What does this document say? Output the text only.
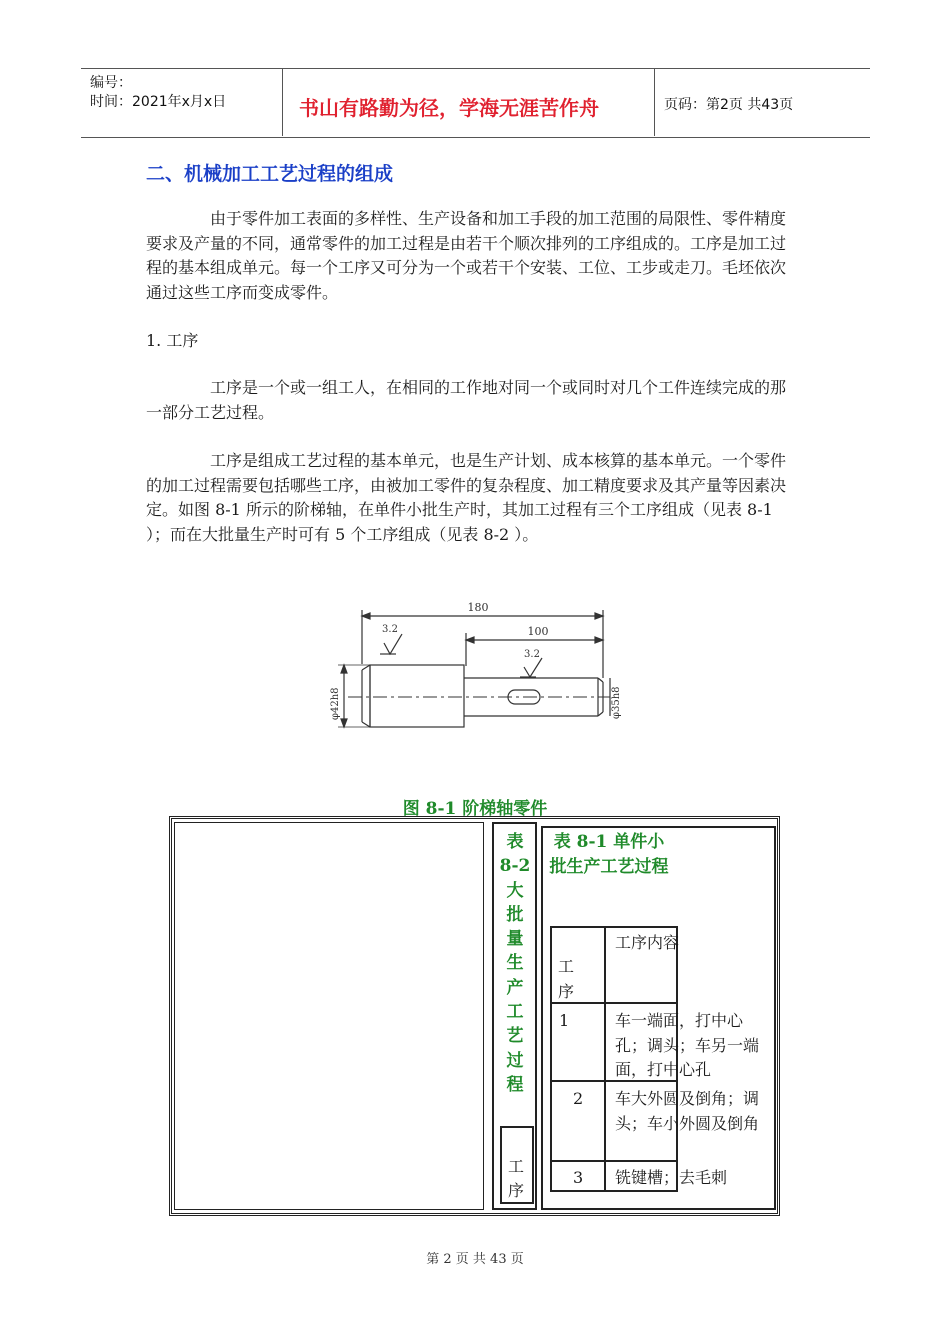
编号：
时间：2021年x月x日	书山有路勤为径，学海无涯苦作舟	页码：第2页 共43页
二、机械加工工艺过程的组成

由于零件加工表面的多样性、生产设备和加工手段的加工范围的局限性、零件精度要求及产量的不同，通常零件的加工过程是由若干个顺次排列的工序组成的。工序是加工过程的基本组成单元。每一个工序又可分为一个或若干个安装、工位、工步或走刀。毛坯依次通过这些工序而变成零件。

1. 工序

工序是一个或一组工人，在相同的工作地对同一个或同时对几个工件连续完成的那一部分工艺过程。

工序是组成工艺过程的基本单元，也是生产计划、成本核算的基本单元。一个零件的加工过程需要包括哪些工序，由被加工零件的复杂程度、加工精度要求及其产量等因素决定。如图 8-1 所示的阶梯轴，在单件小批生产时，其加工过程有三个工序组成（见表 8-1 ）；而在大批量生产时可有 5 个工序组成（见表 8-2 ）。

180
100
3.2
3.2
φ42h8	φ35h8
图 8-1 阶梯轴零件
表
8-2
大
批
量
生
产
工
艺
过
程
工序
表 8-1 单件小批生产工艺过程
工序
工序内容
1	车一端面，打中心孔；调头；车另一端面，打中心孔
2 车大外圆及倒角；调头；车小外圆及倒角
3 铣键槽；去毛刺
第 2 页 共 43 页
